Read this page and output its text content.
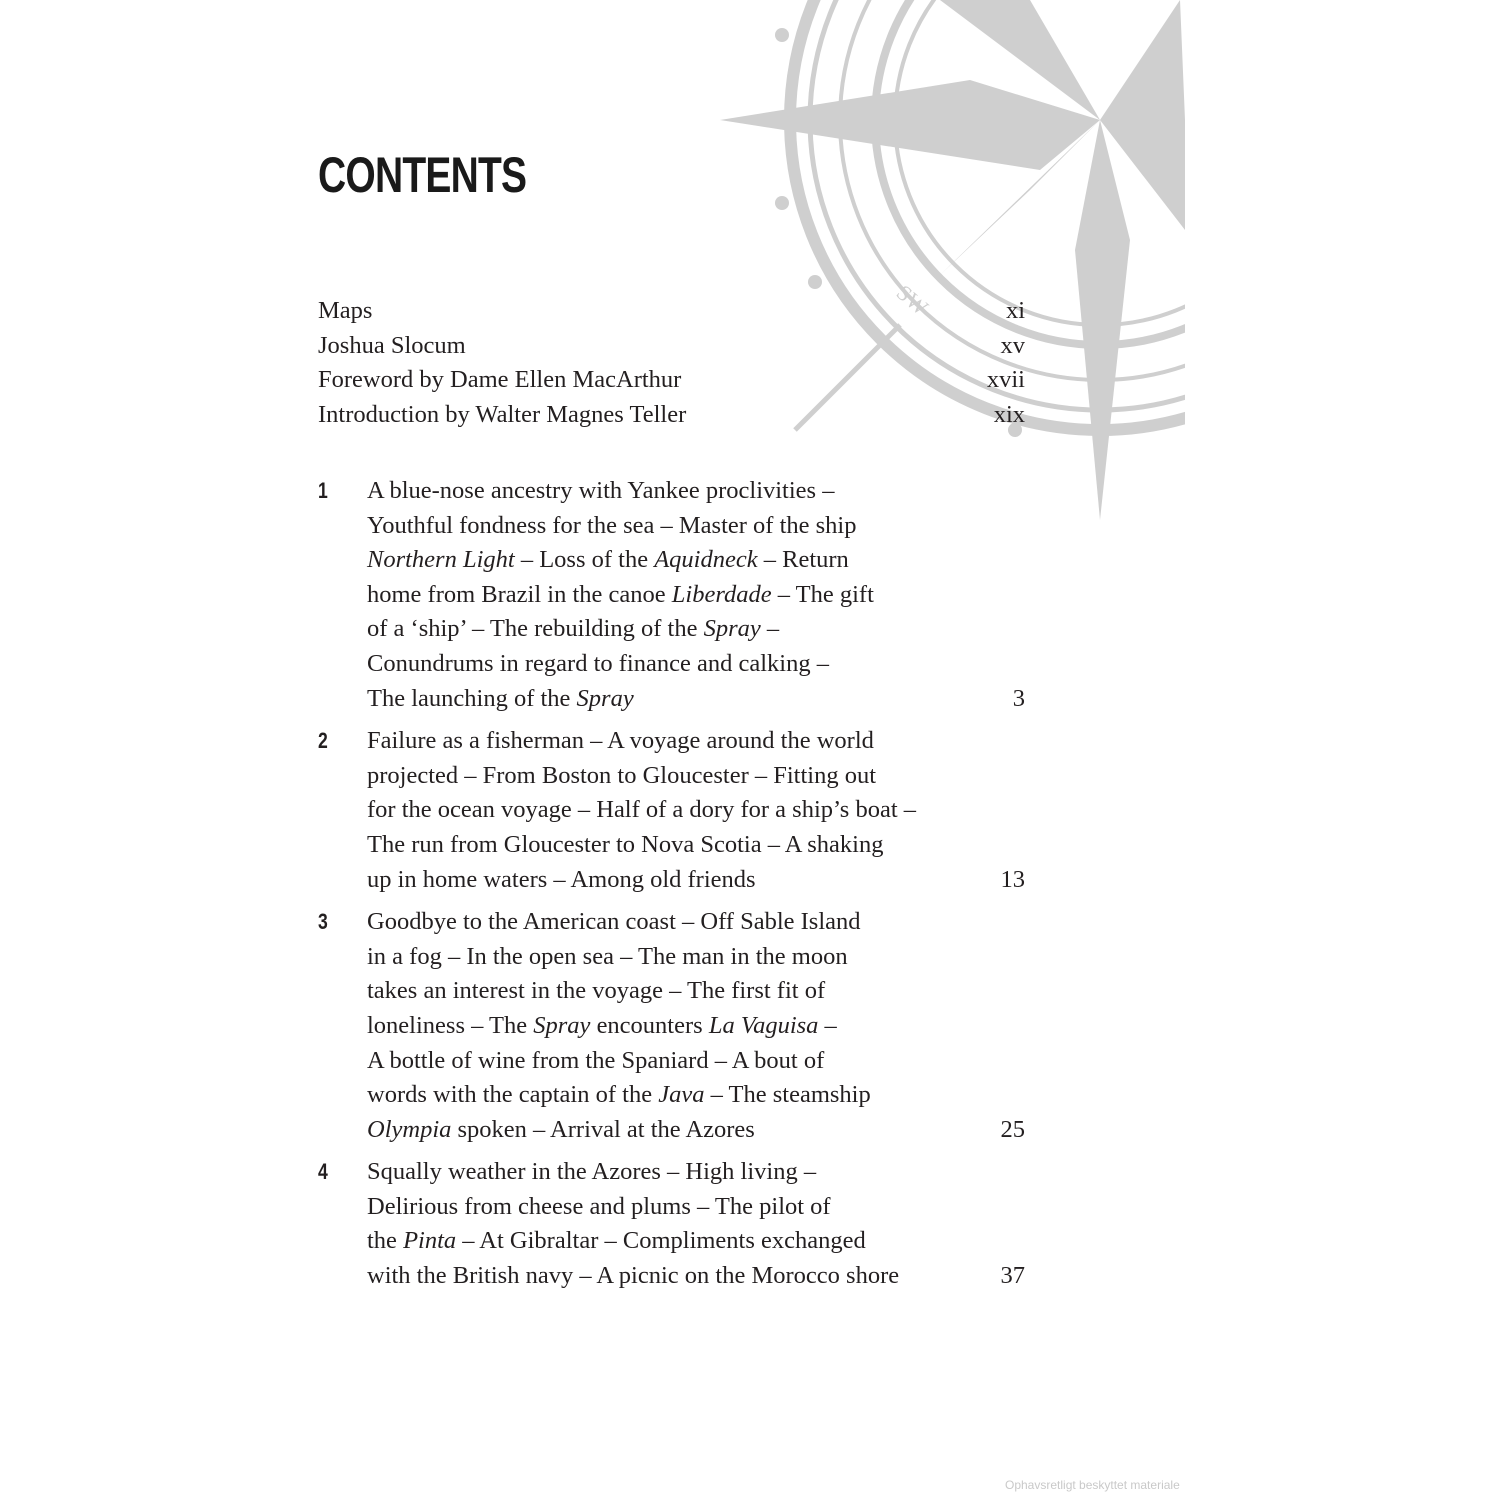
SW
CONTENTS
Maps	xi
Joshua Slocum	xv
Foreword by Dame Ellen MacArthur	xvii
Introduction by Walter Magnes Teller	xix
1	A blue-nose ancestry with Yankee proclivities –
Youthful fondness for the sea – Master of the ship
Northern Light – Loss of the Aquidneck – Return
home from Brazil in the canoe Liberdade – The gift
of a ‘ship’ – The rebuilding of the Spray –
Conundrums in regard to finance and calking –
The launching of the Spray	3
2	Failure as a fisherman – A voyage around the world
projected – From Boston to Gloucester – Fitting out
for the ocean voyage – Half of a dory for a ship’s boat –
The run from Gloucester to Nova Scotia – A shaking
up in home waters – Among old friends	13
3	Goodbye to the American coast – Off Sable Island
in a fog – In the open sea – The man in the moon
takes an interest in the voyage – The first fit of
loneliness – The Spray encounters La Vaguisa –
A bottle of wine from the Spaniard – A bout of
words with the captain of the Java – The steamship
Olympia spoken – Arrival at the Azores	25
4	Squally weather in the Azores – High living –
Delirious from cheese and plums – The pilot of
the Pinta – At Gibraltar – Compliments exchanged
with the British navy – A picnic on the Morocco shore	37
Ophavsretligt beskyttet materiale
